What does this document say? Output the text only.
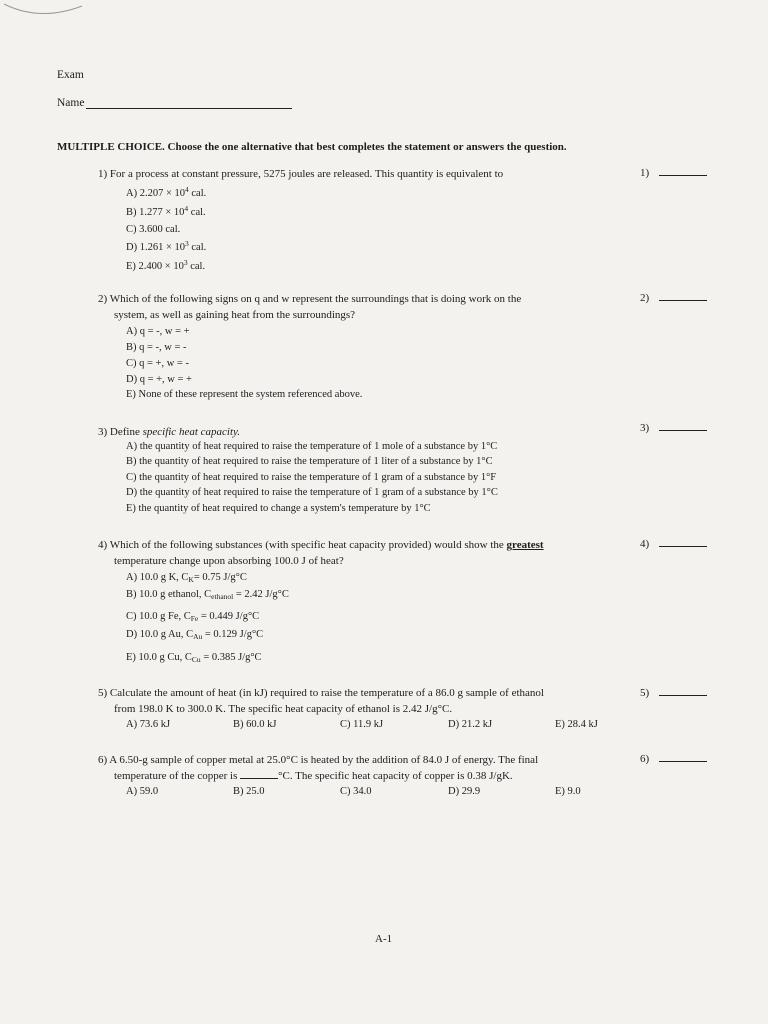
Exam
Name
MULTIPLE CHOICE. Choose the one alternative that best completes the statement or answers the question.
1) For a process at constant pressure, 5275 joules are released. This quantity is equivalent to	1)
A) $2.207 \times 10^4$ cal.
B) $1.277 \times 10^4$ cal.
C) 3.600 cal.
D) $1.261 \times 10^3$ cal.
E) $2.400 \times 10^3$ cal.
2) Which of the following signs on q and w represent the surroundings that is doing work on the
system, as well as gaining heat from the surroundings?
2)
A) q = -, w = +
B) q = -, w = -
C) q = +, w = -
D) q = +, w = +
E) None of these represent the system referenced above.
3) Define specific heat capacity.	3)
A) the quantity of heat required to raise the temperature of 1 mole of a substance by 1°C
B) the quantity of heat required to raise the temperature of 1 liter of a substance by 1°C
C) the quantity of heat required to raise the temperature of 1 gram of a substance by 1°F
D) the quantity of heat required to raise the temperature of 1 gram of a substance by 1°C
E) the quantity of heat required to change a system's temperature by 1°C
4) Which of the following substances (with specific heat capacity provided) would show the greatest
temperature change upon absorbing 100.0 J of heat?
4)
A) 10.0 g K, $C_K= 0.75$ J/g°C
B) 10.0 g ethanol, $C_{ethanol} = 2.42$ J/g°C
C) 10.0 g Fe, $C_{Fe} = 0.449$ J/g°C
D) 10.0 g Au, $C_{Au} = 0.129$ J/g°C
E) 10.0 g Cu, $C_{Cu} = 0.385$ J/g°C
5) Calculate the amount of heat (in kJ) required to raise the temperature of a 86.0 g sample of ethanol
from 198.0 K to 300.0 K. The specific heat capacity of ethanol is 2.42 J/g°C.
5)
A) 73.6 kJ	B) 60.0 kJ	C) 11.9 kJ	D) 21.2 kJ	E) 28.4 kJ
6) A 6.50-g sample of copper metal at 25.0°C is heated by the addition of 84.0 J of energy. The final
temperature of the copper is	°C. The specific heat capacity of copper is 0.38 J/gK.
6)
A) 59.0	B) 25.0	C) 34.0	D) 29.9	E) 9.0
A-1
